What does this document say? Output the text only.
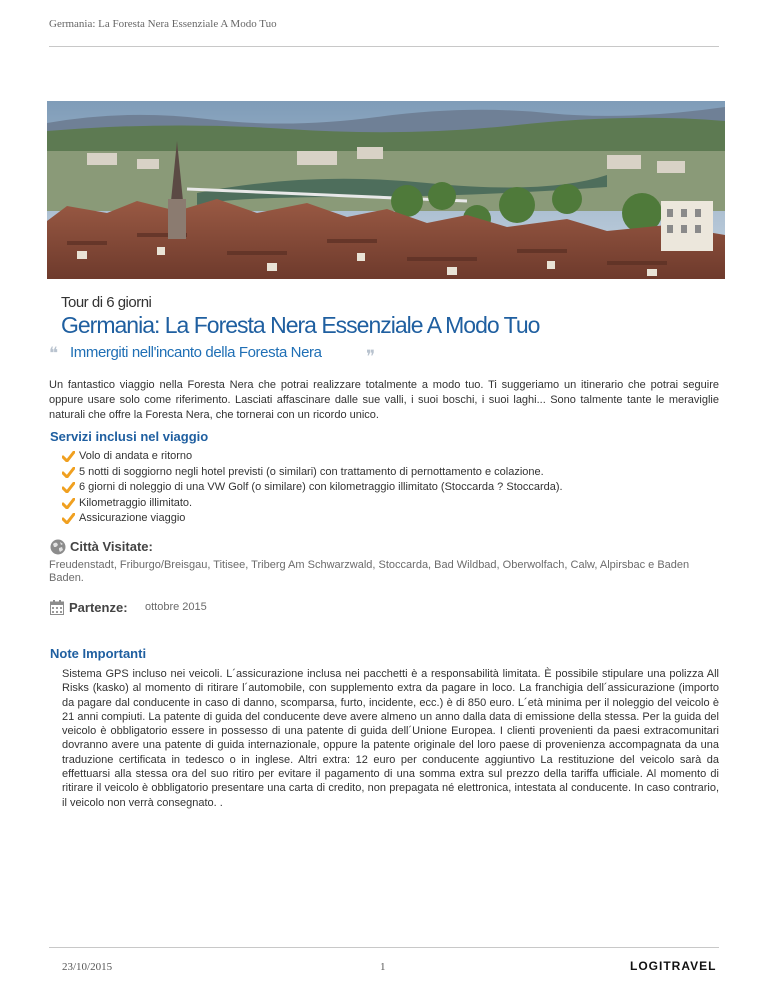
Germania: La Foresta Nera Essenziale A Modo Tuo
Tour di 6 giorni
Germania: La Foresta Nera Essenziale A Modo Tuo
❝ Immergiti nell'incanto della Foresta Nera	❞

Un fantastico viaggio nella Foresta Nera che potrai realizzare totalmente a modo tuo. Ti suggeriamo un itinerario che potrai seguire oppure usare solo come riferimento. Lasciati affascinare dalle sue valli, i suoi boschi, i suoi laghi... Sono talmente tante le meraviglie naturali che offre la Foresta Nera, che tornerai con un ricordo unico.

Servizi inclusi nel viaggio
Volo di andata e ritorno
5 notti di soggiorno negli hotel previsti (o similari) con trattamento di pernottamento e colazione.
6 giorni di noleggio di una VW Golf (o similare) con kilometraggio illimitato (Stoccarda ? Stoccarda).
Kilometraggio illimitato.
Assicurazione viaggio
Città Visitate:

Freudenstadt, Friburgo/Breisgau, Titisee, Triberg Am Schwarzwald, Stoccarda, Bad Wildbad, Oberwolfach, Calw, Alpirsbac e Baden Baden.

Partenze: ottobre 2015
Note Importanti

Sistema GPS incluso nei veicoli. L´assicurazione inclusa nei pacchetti è a responsabilità limitata. È possibile stipulare una polizza All Risks (kasko) al momento di ritirare l´automobile, con supplemento extra da pagare in loco. La franchigia dell´assicurazione (importo da pagare dal conducente in caso di danno, scomparsa, furto, incidente, ecc.) è di 850 euro. L´età minima per il noleggio del veicolo è 21 anni compiuti. La patente di guida del conducente deve avere almeno un anno dalla data di emissione della stessa. Per la guida del veicolo è obbligatorio essere in possesso di una patente di guida dell´Unione Europea. I clienti provenienti da paesi extracomunitari dovranno avere una patente di guida internazionale, oppure la patente originale del loro paese di provenienza accompagnata da una traduzione certificata in tedesco o in inglese. Altri extra: 12 euro per conducente aggiuntivo La restituzione del veicolo sarà da effettuarsi alla stessa ora del suo ritiro per evitare il pagamento di una somma extra sul prezzo della tariffa ufficiale. Al momento di ritirare il veicolo è obbligatorio presentare una carta di credito, non prepagata né elettronica, intestata al conducente. In caso contrario, il veicolo non verrà consegnato. .

23/10/2015	1	LOGITRAVEL
